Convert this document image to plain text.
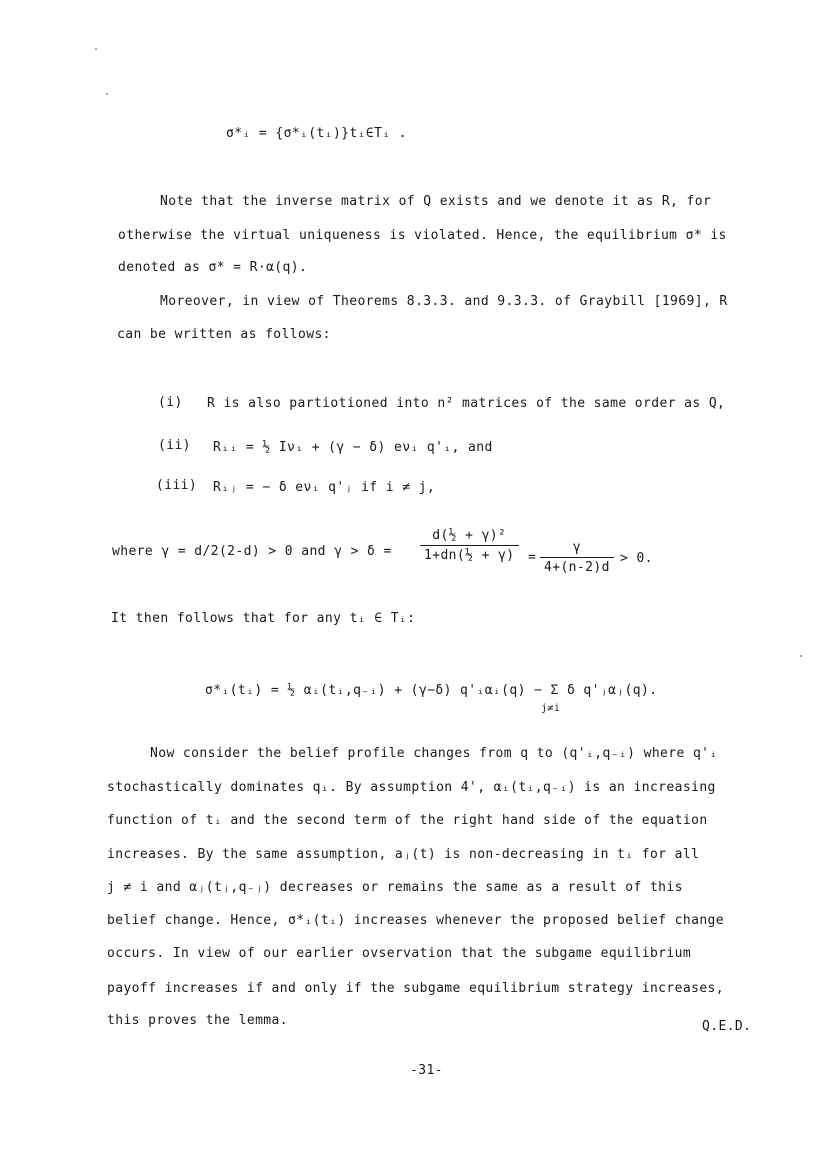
σ*ᵢ = {σ*ᵢ(tᵢ)}tᵢ∈Tᵢ .
Note that the inverse matrix of Q exists and we denote it as R, for
otherwise the virtual uniqueness is violated. Hence, the equilibrium σ* is
denoted as σ* = R·α(q).
Moreover, in view of Theorems 8.3.3. and 9.3.3. of Graybill [1969], R
can be written as follows:
(i) R is also partiotioned into n² matrices of the same order as Q,
(ii) Rᵢᵢ = ½ Iνᵢ + (γ − δ) eνᵢ q'ᵢ, and
(iii) Rᵢⱼ = − δ eνᵢ q'ⱼ if i ≠ j,
where γ = d/2(2-d) > 0 and $\gamma > \delta = \frac{\text{d(½ + γ)²}}{\text{1+dn(½ + γ)}} = \frac{\gamma}{4+(n-2)d} > 0$.
It then follows that for any tᵢ ∈ Tᵢ:
σ*ᵢ(tᵢ) = ½ αᵢ(tᵢ,q₋ᵢ) + (γ−δ) q'ᵢαᵢ(q) − Σ δ q'ⱼαⱼ(q).
j≠i
Now consider the belief profile changes from q to (q'ᵢ,q₋ᵢ) where q'ᵢ
stochastically dominates qᵢ. By assumption 4', αᵢ(tᵢ,q₋ᵢ) is an increasing
function of tᵢ and the second term of the right hand side of the equation
increases. By the same assumption, aⱼ(t) is non-decreasing in tᵢ for all
j ≠ i and αⱼ(tⱼ,q₋ⱼ) decreases or remains the same as a result of this
belief change. Hence, σ*ᵢ(tᵢ) increases whenever the proposed belief change
occurs. In view of our earlier ovservation that the subgame equilibrium
payoff increases if and only if the subgame equilibrium strategy increases,
this proves the lemma.	Q.E.D.
-31-
